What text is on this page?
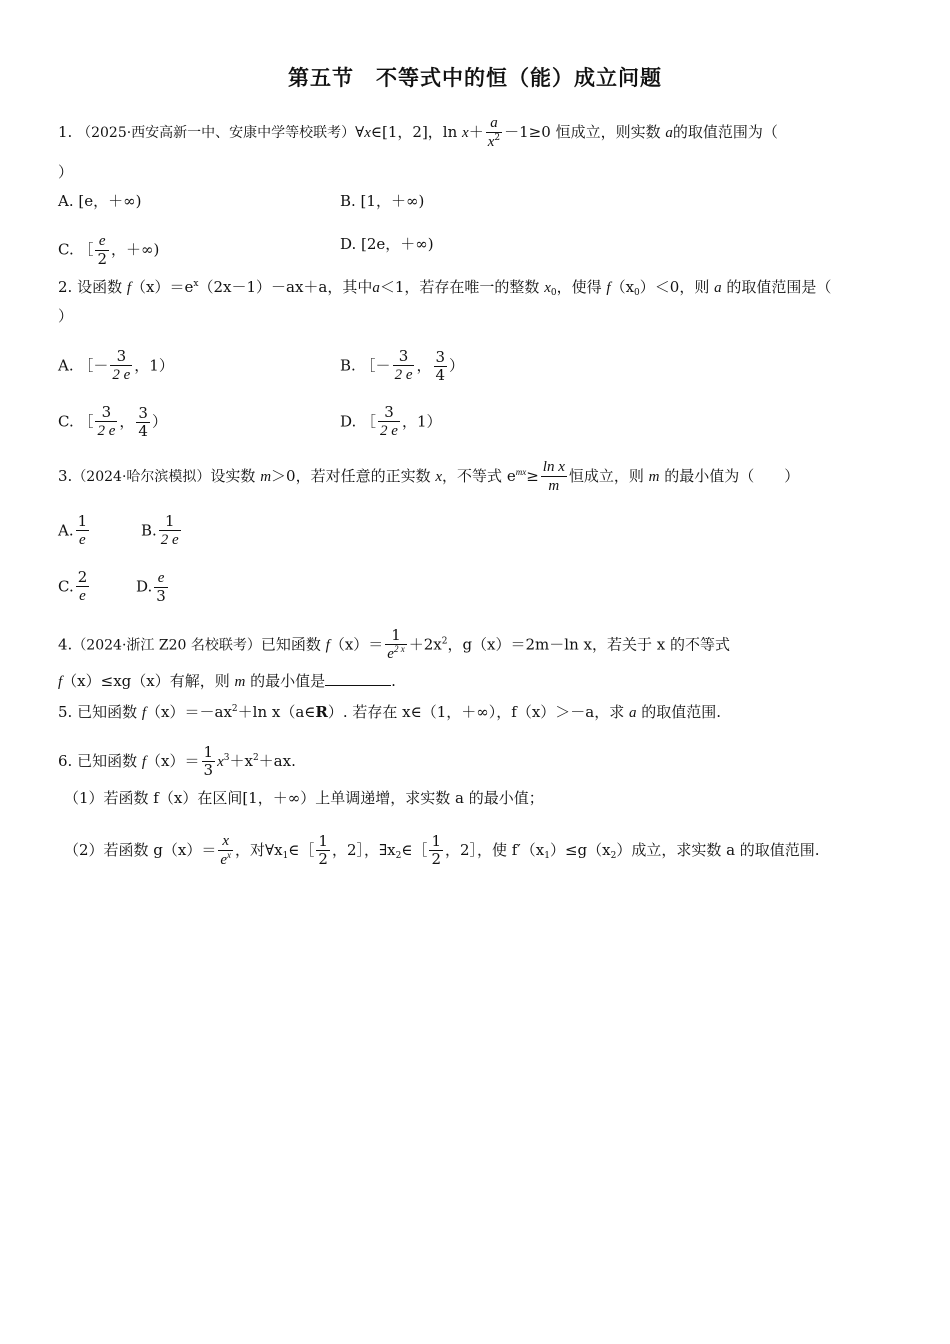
第五节　不等式中的恒（能）成立问题
1. （2025·西安高新一中、安康中学等校联考）∀x∈[1，2]，$\ln x+ \frac{a}{x^2} -1\ge 0$ 恒成立，则实数 a的取值范围为（
）
A. [e，＋∞)	B. [1，＋∞)
C. ［ $\frac{e}{2}$ ，＋∞)	D. [2e，＋∞)
2. 设函数 $f(x)=e^x(2x-1)-ax+a$，其中a＜1，若存在唯一的整数 $x_0$，使得 $f(x_0)<0$，则 a 的取值范围是（
）
A. ［－ $\frac{3}{2 e}$ ，1）	B. ［－ $\frac{3}{2 e}$ ， $\frac{3}{4}$ ）
C. ［ $\frac{3}{2 e}$ ， $\frac{3}{4}$ ）	D. ［ $\frac{3}{2 e}$ ，1）
3.（2024·哈尔滨模拟）设实数 m＞0，若对任意的正实数 x，不等式 $e^{mx}\ge \frac{\text{ln x}}{m}$ 恒成立，则 m 的最小值为（　　）
A. $\frac{1}{e}$	B. $\frac{1}{2 e}$
C. $\frac{2}{e}$	D. $\frac{e}{3}$
4.（2024·浙江 Z20 名校联考）已知函数 $f(x)= \frac{1}{e^{2 x}} +2x^2$，g（x）＝2m－ln x，若关于 x 的不等式
f（x）≤xg（x）有解，则 m 的最小值是	.
5. 已知函数 $f(x)=-ax^2+\ln$ x（a∈R）. 若存在 x∈（1，＋∞），f（x）＞－a，求 a 的取值范围.
6. 已知函数 $f(x)= \frac{1}{3} x^3+x^2+ax$.
（1）若函数 f（x）在区间[1，＋∞）上单调递增，求实数 a 的最小值；
（2）若函数 $g(x)= \frac{x}{e^x}$ ，对$\forall x_1\in[ \frac{1}{2}$ ，2］，$\exists x_2\in[ \frac{1}{2}$ ，2］，使 $f'(x_1)\le g(x_2)$成立，求实数 a 的取值范围.
